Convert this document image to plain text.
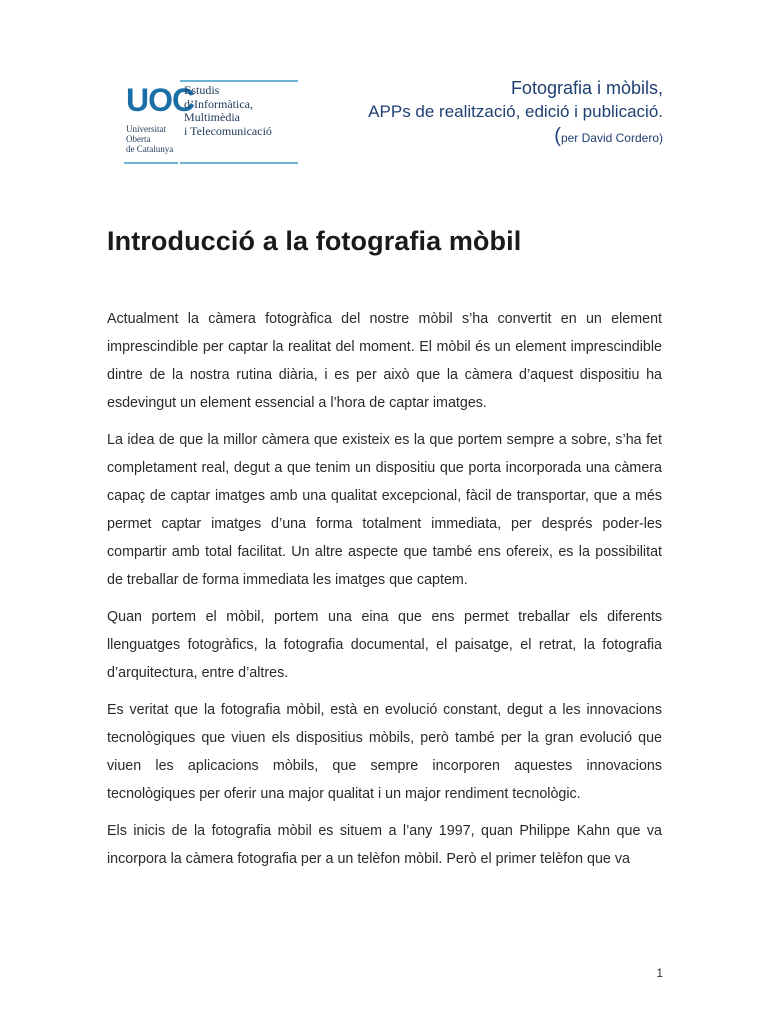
UOC
Universitat
Oberta
de Catalunya
Estudis
d’Informàtica,
Multimèdia
i Telecomunicació
Fotografia i mòbils,
APPs de realització, edició i publicació.
(per David Cordero)
Introducció a la fotografia mòbil

Actualment la càmera fotogràfica del nostre mòbil s’ha convertit en un element imprescindible per captar la realitat del moment. El mòbil és un element imprescindible dintre de la nostra rutina diària, i es per això que la càmera d’aquest dispositiu ha esdevingut un element essencial a l’hora de captar imatges.

La idea de que la millor càmera que existeix es la que portem sempre a sobre, s’ha fet completament real, degut a que tenim un dispositiu que porta incorporada una càmera capaç de captar imatges amb una qualitat excepcional, fàcil de transportar, que a més permet captar imatges d’una forma totalment immediata, per després poder-les compartir amb total facilitat. Un altre aspecte que també ens ofereix, es la possibilitat de treballar de forma immediata les imatges que captem.

Quan portem el mòbil, portem una eina que ens permet treballar els diferents llenguatges fotogràfics, la fotografia documental, el paisatge, el retrat, la fotografia d’arquitectura, entre d’altres.

Es veritat que la fotografia mòbil, està en evolució constant, degut a les innovacions tecnològiques que viuen els dispositius mòbils, però també per la gran evolució que viuen les aplicacions mòbils, que sempre incorporen aquestes innovacions tecnològiques per oferir una major qualitat i un major rendiment tecnològic.

Els inicis de la fotografia mòbil es situem a l’any 1997, quan Philippe Kahn que va incorpora la càmera fotografia per a un telèfon mòbil. Però el primer telèfon que va

1
